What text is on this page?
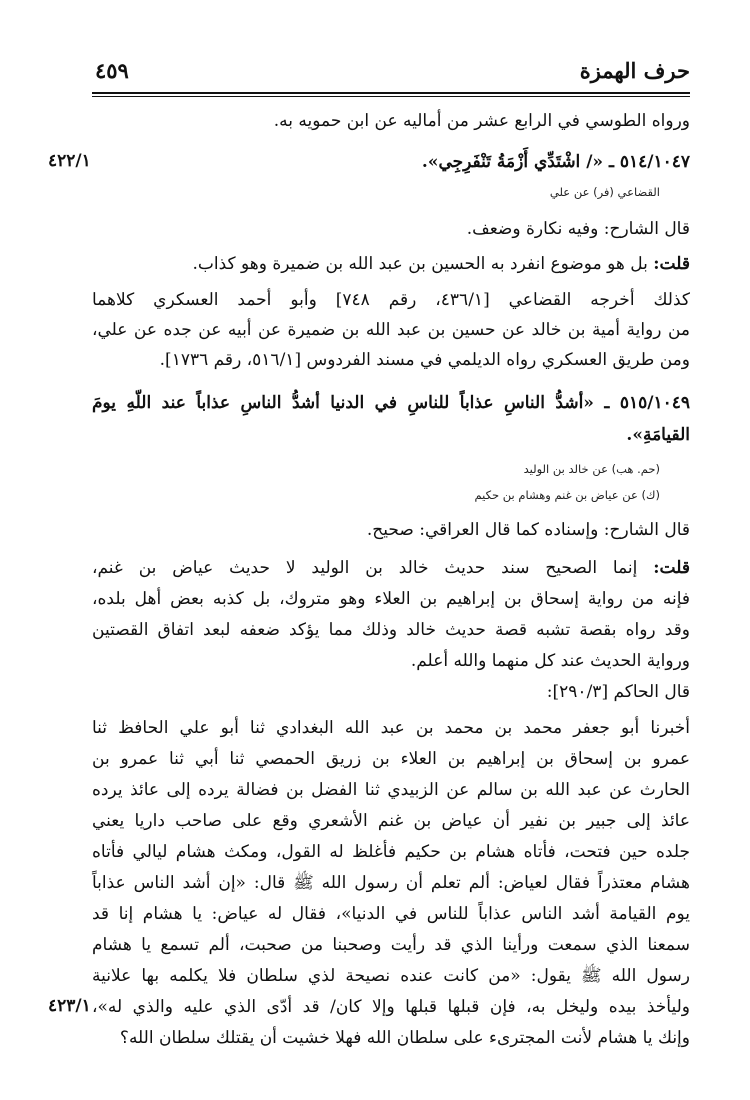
حرف الهمزة
٤٥٩
ورواه الطوسي في الرابع عشر من أماليه عن ابن حمويه به.
٥١٤/١٠٤٧ ـ «/ اشْتَدِّي أَزْمَةُ تَنْفَرِجِي».
٤٢٢/١
القضاعي (فر) عن علي
قال الشارح: وفيه نكارة وضعف.
قلت: بل هو موضوع انفرد به الحسين بن عبد الله بن ضميرة وهو كذاب.
كذلك أخرجه القضاعي [٤٣٦/١، رقم ٧٤٨] وأبو أحمد العسكري كلاهما
من رواية أمية بن خالد عن حسين بن عبد الله بن ضميرة عن أبيه عن جده عن علي،
ومن طريق العسكري رواه الديلمي في مسند الفردوس [٥١٦/١، رقم ١٧٣٦].
٥١٥/١٠٤٩ ـ «أشدُّ الناسِ عذاباً للناسِ في الدنيا أشدُّ الناسِ عذاباً عند اللّهِ يومَ
القيامَةِ».
(حم. هب) عن خالد بن الوليد
(ك) عن عياض بن غنم وهشام بن حكيم
قال الشارح: وإسناده كما قال العراقي: صحيح.
قلت: إنما الصحيح سند حديث خالد بن الوليد لا حديث عياض بن غنم،
فإنه من رواية إسحاق بن إبراهيم بن العلاء وهو متروك، بل كذبه بعض أهل بلده،
وقد رواه بقصة تشبه قصة حديث خالد وذلك مما يؤكد ضعفه لبعد اتفاق القصتين
ورواية الحديث عند كل منهما والله أعلم.
قال الحاكم [٢٩٠/٣]:
أخبرنا أبو جعفر محمد بن محمد بن عبد الله البغدادي ثنا أبو علي الحافظ ثنا
عمرو بن إسحاق بن إبراهيم بن العلاء بن زريق الحمصي ثنا أبي ثنا عمرو بن
الحارث عن عبد الله بن سالم عن الزبيدي ثنا الفضل بن فضالة يرده إلى عائذ يرده
عائذ إلى جبير بن نفير أن عياض بن غنم الأشعري وقع على صاحب داريا يعني
جلده حين فتحت، فأتاه هشام بن حكيم فأغلظ له القول، ومكث هشام ليالي فأتاه
هشام معتذراً فقال لعياض: ألم تعلم أن رسول الله ﷺ قال: «إن أشد الناس عذاباً
يوم القيامة أشد الناس عذاباً للناس في الدنيا»، فقال له عياض: يا هشام إنا قد
سمعنا الذي سمعت ورأينا الذي قد رأيت وصحبنا من صحبت، ألم تسمع يا هشام
رسول الله ﷺ يقول: «من كانت عنده نصيحة لذي سلطان فلا يكلمه بها علانية
وليأخذ بيده وليخل به، فإن قبلها قبلها وإلا كان/ قد أدّى الذي عليه والذي له»،
٤٢٣/١
وإنك يا هشام لأنت المجترىء على سلطان الله فهلا خشيت أن يقتلك سلطان الله؟
